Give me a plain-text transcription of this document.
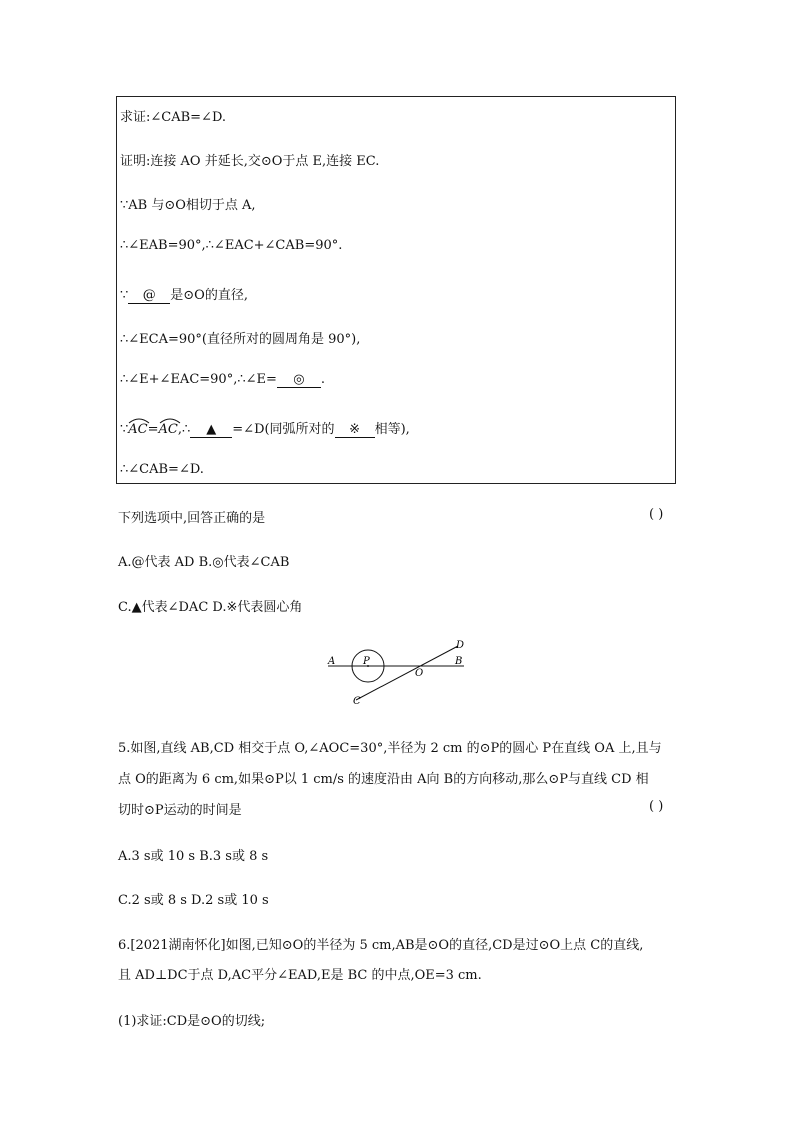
求证:∠CAB=∠D.
证明:连接 AO 并延长,交⊙O于点 E,连接 EC.
∵AB 与⊙O相切于点 A,
∴∠EAB=90°,∴∠EAC+∠CAB=90°.
∵ @ 是⊙O的直径,
∴∠ECA=90°(直径所对的圆周角是 90°),
∴∠E+∠EAC=90°,∴∠E= ◎ .
∵
AC=
AC,∴ ▲ =∠D(同弧所对的 ※ 相等),
∴∠CAB=∠D.
下列选项中,回答正确的是	( )
A.@代表 AD B.◎代表∠CAB
C.▲代表∠DAC D.※代表圆心角
A	P
O
B
C
D
5.如图,直线 AB,CD 相交于点 O,∠AOC=30°,半径为 2 cm 的⊙P的圆心 P在直线 OA 上,且与
点 O的距离为 6 cm,如果⊙P以 1 cm/s 的速度沿由 A向 B的方向移动,那么⊙P与直线 CD 相
切时⊙P运动的时间是	( )
A.3 s或 10 s B.3 s或 8 s
C.2 s或 8 s D.2 s或 10 s
6.[2021湖南怀化]如图,已知⊙O的半径为 5 cm,AB是⊙O的直径,CD是过⊙O上点 C的直线,
且 AD⊥DC于点 D,AC平分∠EAD,E是 BC 的中点,OE=3 cm.
(1)求证:CD是⊙O的切线;
